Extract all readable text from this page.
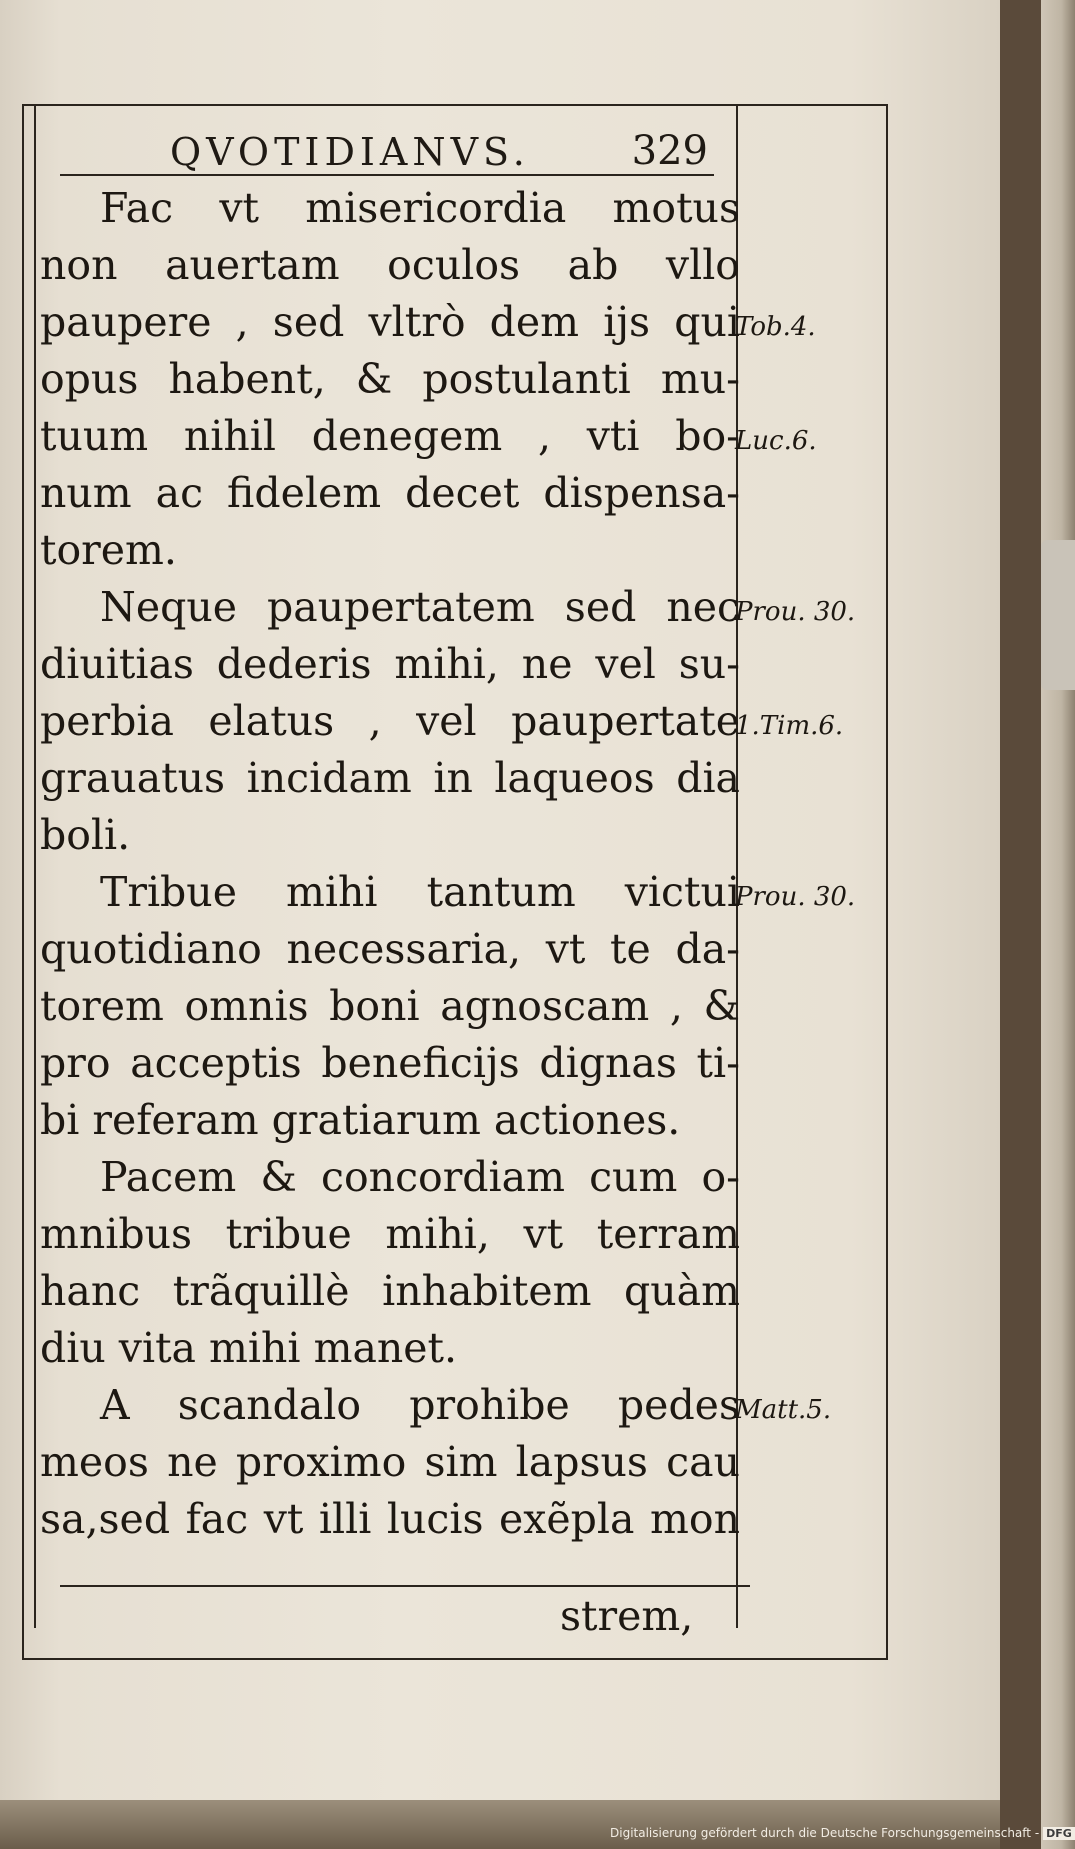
QVOTIDIANVS.	329
Fac vt misericordia motus
non auertam oculos ab vllo
paupere , sed vltrò dem ijs qui
opus habent, & postulanti mu-
tuum nihil denegem , vti bo-
num ac fidelem decet dispensa-
torem.
Neque paupertatem sed nec
diuitias dederis mihi, ne vel su-
perbia elatus , vel paupertate
grauatus incidam in laqueos dia
boli.
Tribue mihi tantum victui
quotidiano necessaria, vt te da-
torem omnis boni agnoscam , &
pro acceptis beneficijs dignas ti-
bi referam gratiarum actiones.
Pacem & concordiam cum o-
mnibus tribue mihi, vt terram
hanc trãquillè inhabitem quàm
diu vita mihi manet.
A scandalo prohibe pedes
meos ne proximo sim lapsus cau
sa,sed fac vt illi lucis exẽpla mon
Tob.4.
Luc.6.
Prou. 30.
1.Tim.6.
Prou. 30.
Matt.5.
strem,
Digitalisierung gefördert durch die Deutsche Forschungsgemeinschaft - DFG
